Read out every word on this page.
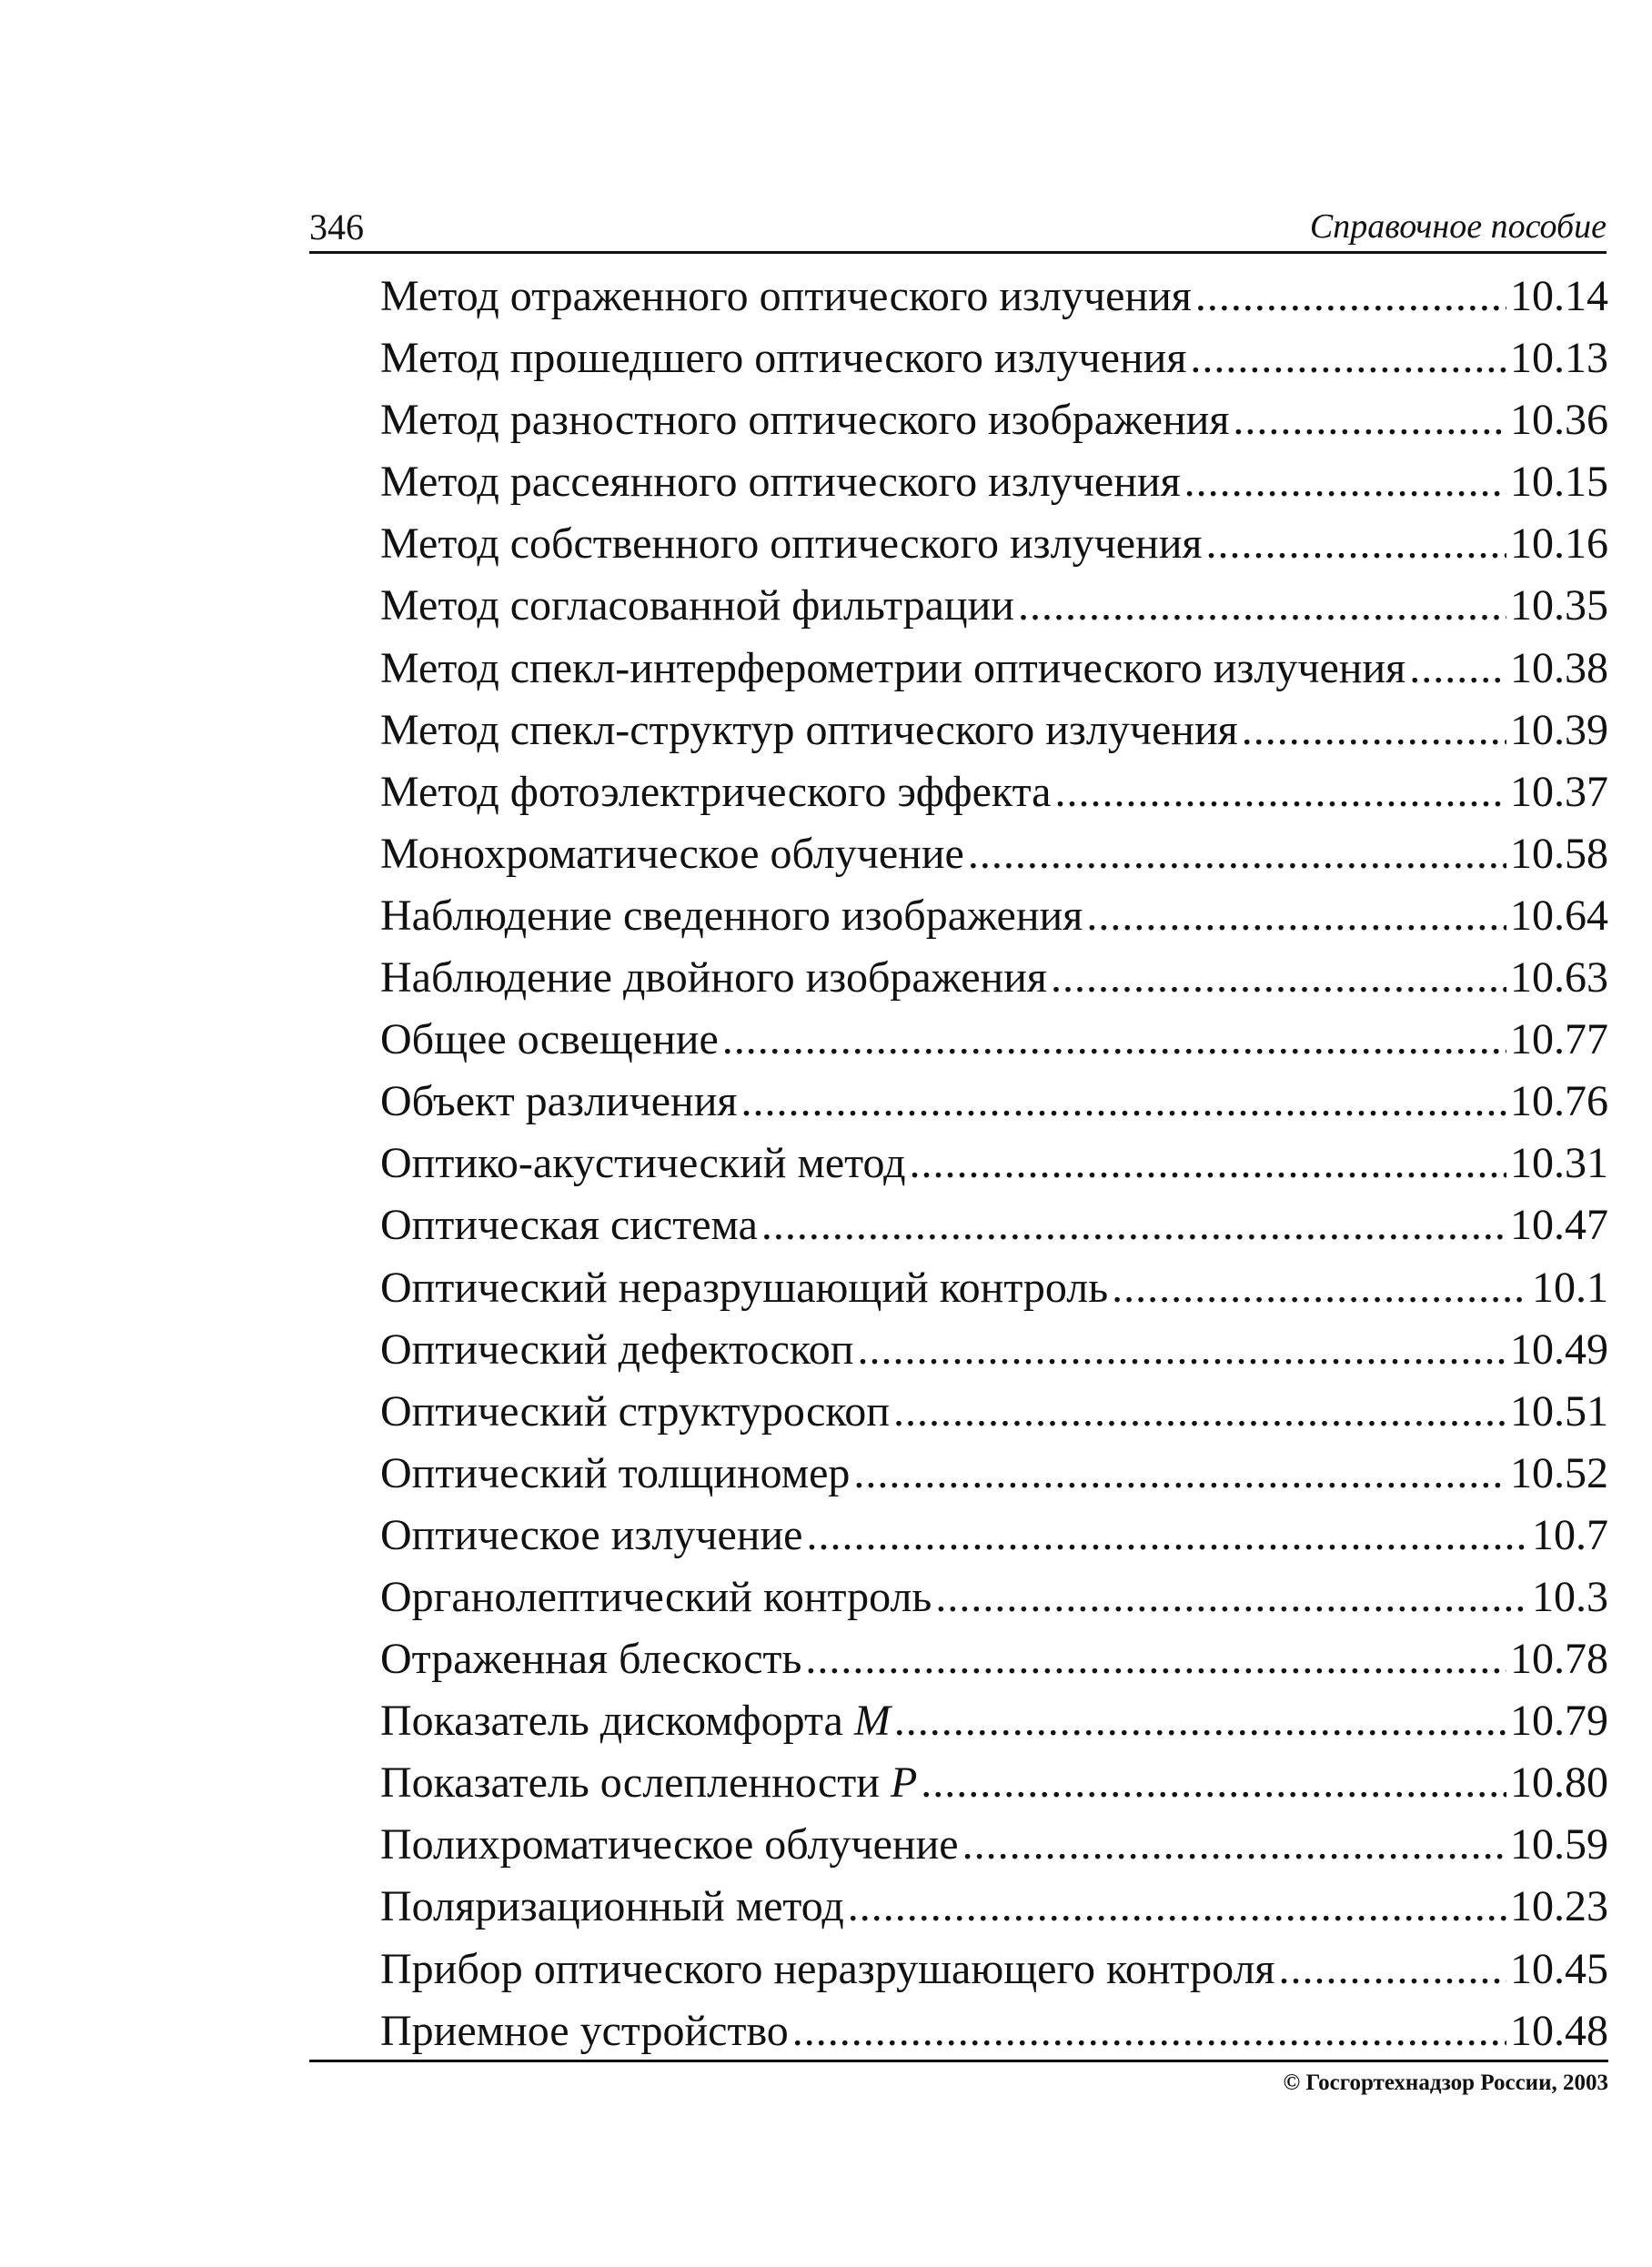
346	Справочное пособие
Метод отраженного оптического излучения .....	10.14
Метод прошедшего оптического излучения .....	10.13
Метод разностного оптического изображения .....	10.36
Метод рассеянного оптического излучения .....	10.15
Метод собственного оптического излучения .....	10.16
Метод согласованной фильтрации .....	10.35
Метод спекл-интерферометрии оптического излучения ..... 10.38
Метод спекл-структур оптического излучения .....	10.39
Метод фотоэлектрического эффекта .....	10.37
Монохроматическое облучение .....	10.58
Наблюдение сведенного изображения .....	10.64
Наблюдение двойного изображения .....	10.63
Общее освещение .....	10.77
Объект различения .....	10.76
Оптико-акустический метод .....	10.31
Оптическая система .....	10.47
Оптический неразрушающий контроль .....	10.1
Оптический дефектоскоп .....	10.49
Оптический структуроскоп .....	10.51
Оптический толщиномер .....	10.52
Оптическое излучение .....	10.7
Органолептический контроль .....	10.3
Отраженная блескость .....	10.78
Показатель дискомфорта M .....	10.79
Показатель ослепленности P .....	10.80
Полихроматическое облучение .....	10.59
Поляризационный метод .....	10.23
Прибор оптического неразрушающего контроля .....	10.45
Приемное устройство .....	10.48
© Госгортехнадзор России, 2003
